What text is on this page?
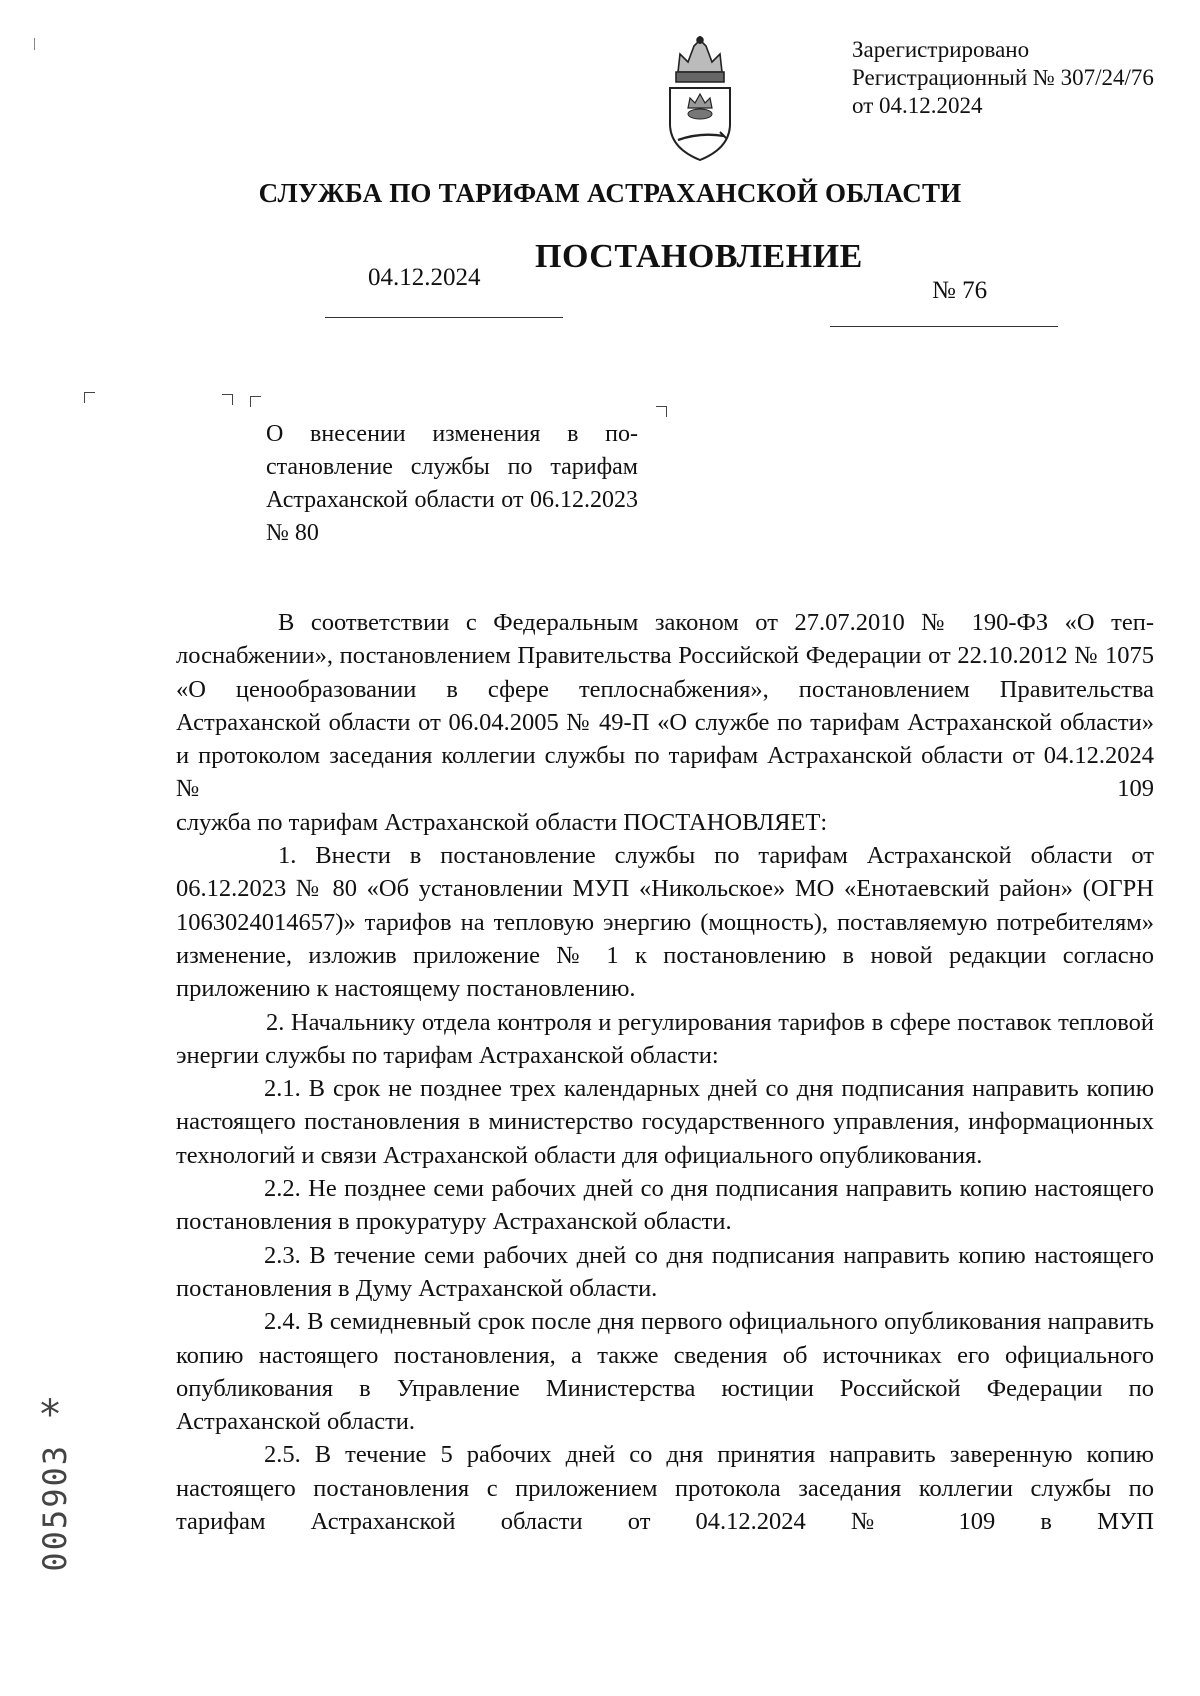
Зарегистрировано
Регистрационный № 307/24/76
от 04.12.2024
СЛУЖБА ПО ТАРИФАМ АСТРАХАНСКОЙ ОБЛАСТИ
ПОСТАНОВЛЕНИЕ
04.12.2024	№ 76
О внесении изменения в постановление службы по тарифам Астраханской области от 06.12.2023 № 80

В соответствии с Федеральным законом от 27.07.2010 № 190-ФЗ «О теплоснабжении», постановлением Правительства Российской Федерации от 22.10.2012 № 1075 «О ценообразовании в сфере теплоснабжения», постановлением Правительства Астраханской области от 06.04.2005 № 49-П «О службе по тарифам Астраханской области» и протоколом заседания коллегии службы по тарифам Астраханской области от 04.12.2024 № 109

служба по тарифам Астраханской области ПОСТАНОВЛЯЕТ:

1. Внести в постановление службы по тарифам Астраханской области от 06.12.2023 № 80 «Об установлении МУП «Никольское» МО «Енотаевский район» (ОГРН 1063024014657)» тарифов на тепловую энергию (мощность), поставляемую потребителям» изменение, изложив приложение № 1 к постановлению в новой редакции согласно приложению к настоящему постановлению.

2. Начальнику отдела контроля и регулирования тарифов в сфере поставок тепловой энергии службы по тарифам Астраханской области:

2.1. В срок не позднее трех календарных дней со дня подписания направить копию настоящего постановления в министерство государственного управления, информационных технологий и связи Астраханской области для официального опубликования.

2.2. Не позднее семи рабочих дней со дня подписания направить копию настоящего постановления в прокуратуру Астраханской области.

2.3. В течение семи рабочих дней со дня подписания направить копию настоящего постановления в Думу Астраханской области.

2.4. В семидневный срок после дня первого официального опубликования направить копию настоящего постановления, а также сведения об источниках его официального опубликования в Управление Министерства юстиции Российской Федерации по Астраханской области.

2.5. В течение 5 рабочих дней со дня принятия направить заверенную копию настоящего постановления с приложением протокола заседания коллегии службы по тарифам Астраханской области от 04.12.2024 № 109 в МУП

*
005903
